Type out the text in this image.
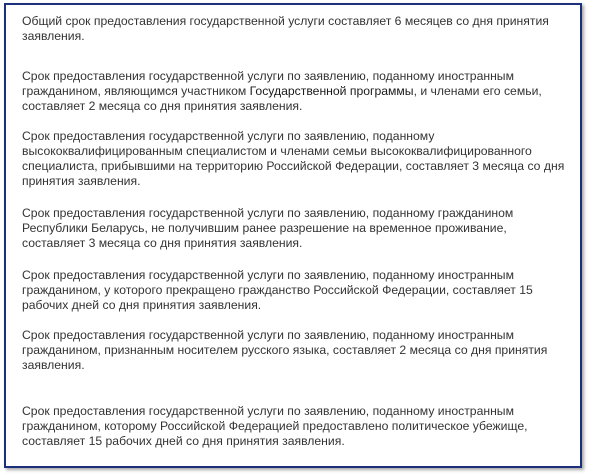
Общий срок предоставления государственной услуги составляет 6 месяцев со дня принятия заявления.

Срок предоставления государственной услуги по заявлению, поданному иностранным гражданином, являющимся участником Государственной программы, и членами его семьи, составляет 2 месяца со дня принятия заявления.

Срок предоставления государственной услуги по заявлению, поданному высококвалифицированным специалистом и членами семьи высококвалифицированного специалиста, прибывшими на территорию Российской Федерации, составляет 3 месяца со дня принятия заявления.

Срок предоставления государственной услуги по заявлению, поданному гражданином Республики Беларусь, не получившим ранее разрешение на временное проживание, составляет 3 месяца со дня принятия заявления.

Срок предоставления государственной услуги по заявлению, поданному иностранным гражданином, у которого прекращено гражданство Российской Федерации, составляет 15 рабочих дней со дня принятия заявления.

Срок предоставления государственной услуги по заявлению, поданному иностранным гражданином, признанным носителем русского языка, составляет 2 месяца со дня принятия заявления.

Срок предоставления государственной услуги по заявлению, поданному иностранным гражданином, которому Российской Федерацией предоставлено политическое убежище, составляет 15 рабочих дней со дня принятия заявления.
